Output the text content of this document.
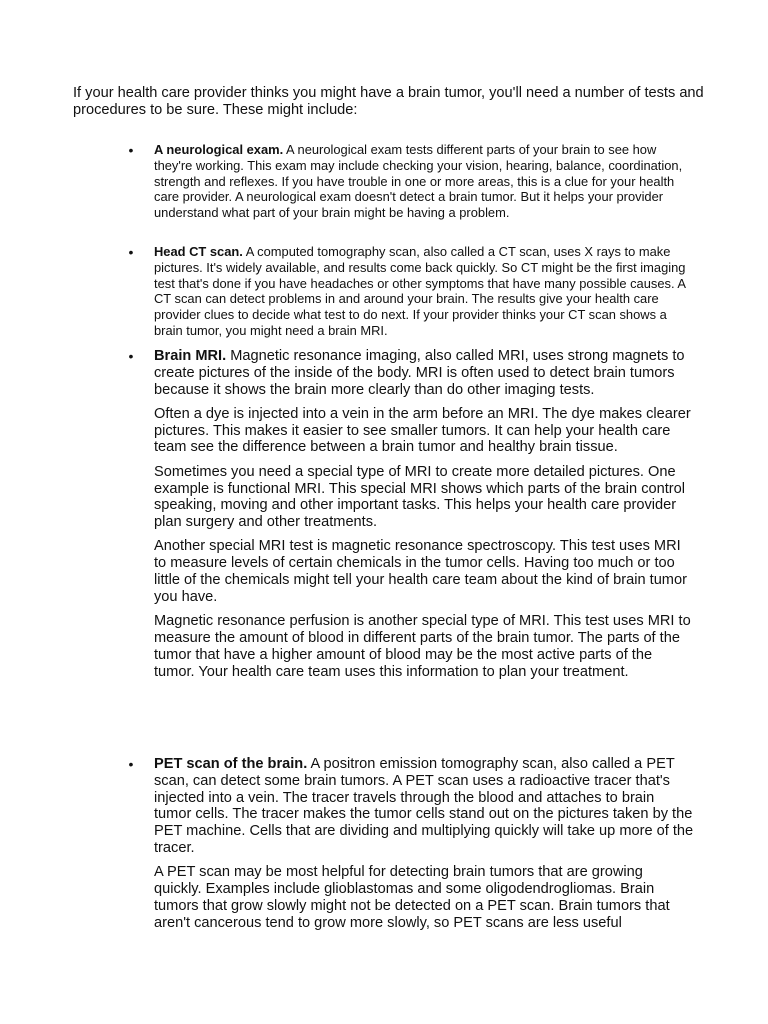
If your health care provider thinks you might have a brain tumor, you'll need a number of tests and procedures to be sure. These might include:

• A neurological exam. A neurological exam tests different parts of your brain to see how they're working. This exam may include checking your vision, hearing, balance, coordination, strength and reflexes. If you have trouble in one or more areas, this is a clue for your health care provider. A neurological exam doesn't detect a brain tumor. But it helps your provider understand what part of your brain might be having a problem.

• Head CT scan. A computed tomography scan, also called a CT scan, uses X rays to make pictures. It's widely available, and results come back quickly. So CT might be the first imaging test that's done if you have headaches or other symptoms that have many possible causes. A CT scan can detect problems in and around your brain. The results give your health care provider clues to decide what test to do next. If your provider thinks your CT scan shows a brain tumor, you might need a brain MRI.

• Brain MRI. Magnetic resonance imaging, also called MRI, uses strong magnets to create pictures of the inside of the body. MRI is often used to detect brain tumors because it shows the brain more clearly than do other imaging tests.

Often a dye is injected into a vein in the arm before an MRI. The dye makes clearer pictures. This makes it easier to see smaller tumors. It can help your health care team see the difference between a brain tumor and healthy brain tissue.

Sometimes you need a special type of MRI to create more detailed pictures. One example is functional MRI. This special MRI shows which parts of the brain control speaking, moving and other important tasks. This helps your health care provider plan surgery and other treatments.

Another special MRI test is magnetic resonance spectroscopy. This test uses MRI to measure levels of certain chemicals in the tumor cells. Having too much or too little of the chemicals might tell your health care team about the kind of brain tumor you have.

Magnetic resonance perfusion is another special type of MRI. This test uses MRI to measure the amount of blood in different parts of the brain tumor. The parts of the tumor that have a higher amount of blood may be the most active parts of the tumor. Your health care team uses this information to plan your treatment.

• PET scan of the brain. A positron emission tomography scan, also called a PET scan, can detect some brain tumors. A PET scan uses a radioactive tracer that's injected into a vein. The tracer travels through the blood and attaches to brain tumor cells. The tracer makes the tumor cells stand out on the pictures taken by the PET machine. Cells that are dividing and multiplying quickly will take up more of the tracer.

A PET scan may be most helpful for detecting brain tumors that are growing quickly. Examples include glioblastomas and some oligodendrogliomas. Brain tumors that grow slowly might not be detected on a PET scan. Brain tumors that aren't cancerous tend to grow more slowly, so PET scans are less useful
